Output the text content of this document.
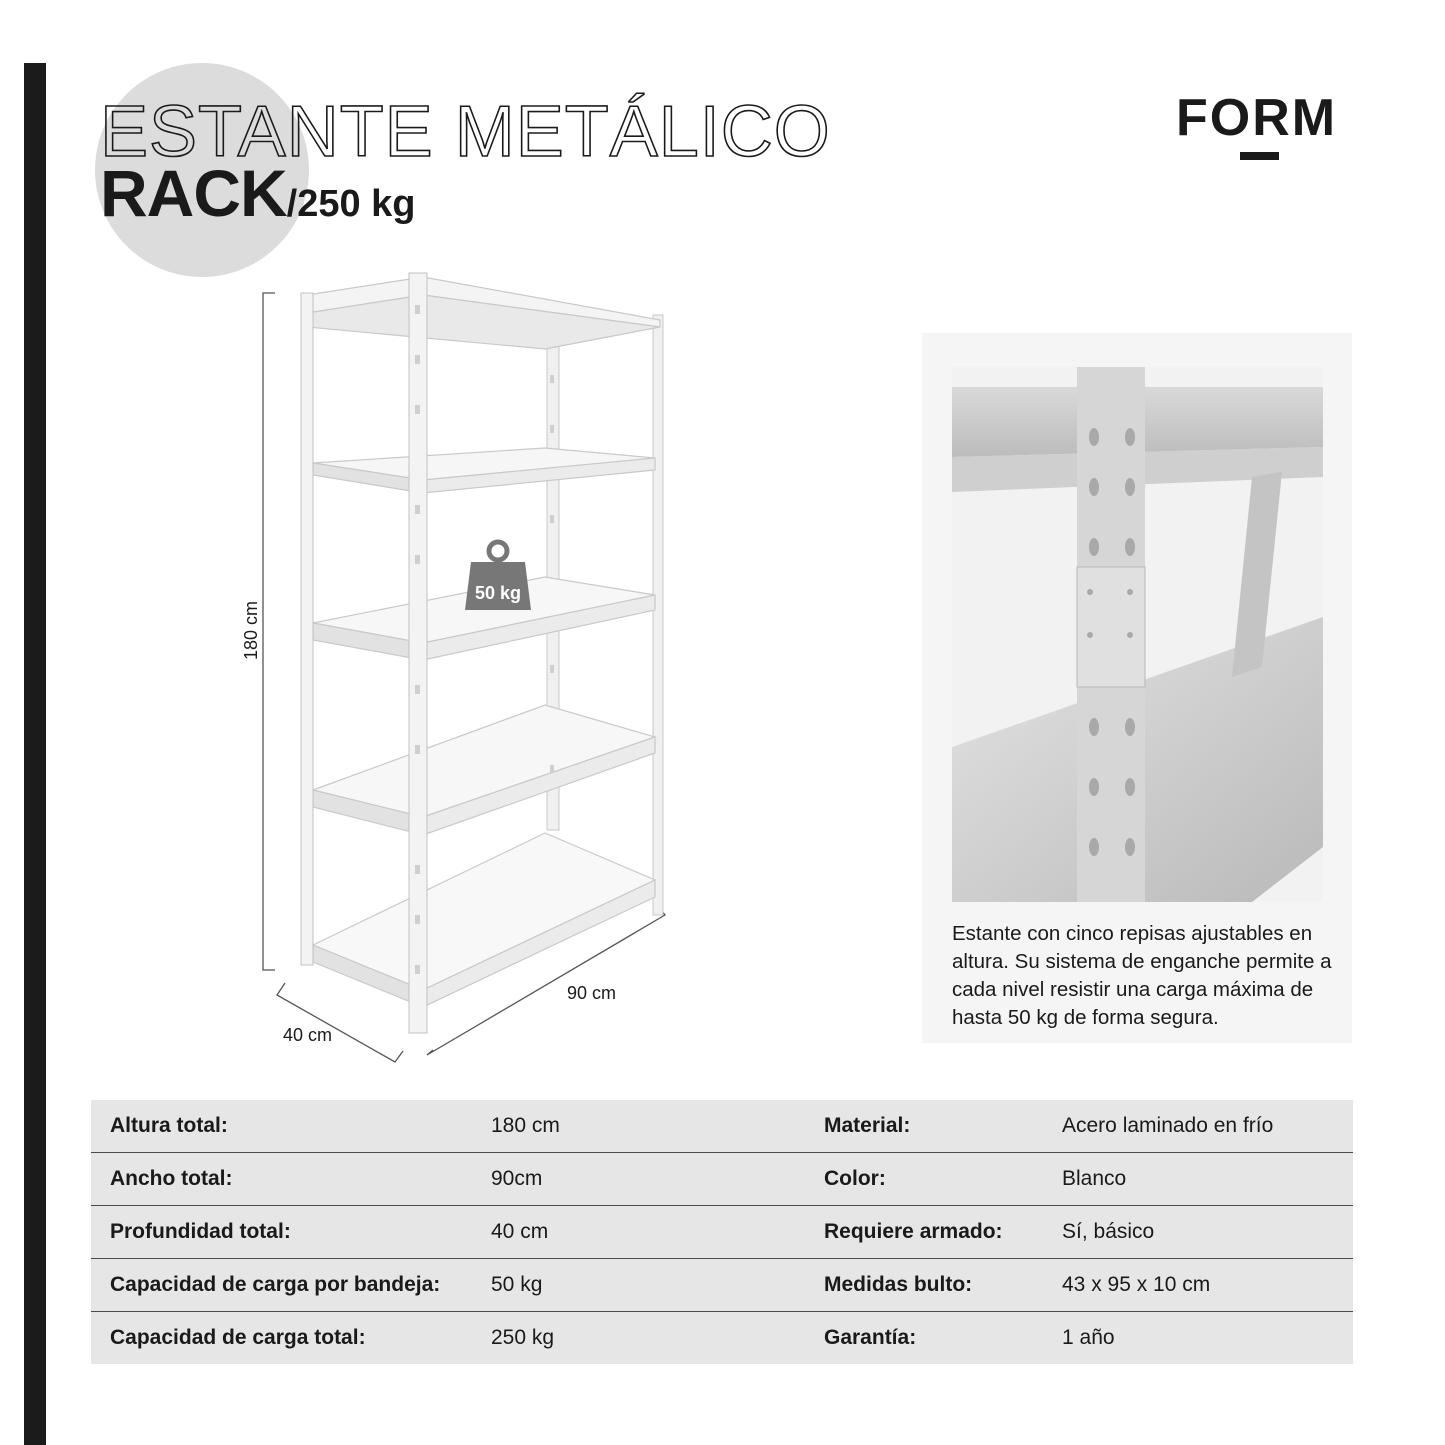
ESTANTE METÁLICO
RACK/250 kg
FORM
50 kg
180 cm
90 cm
40 cm
Estante con cinco repisas ajustables en altura. Su sistema de enganche permite a cada nivel resistir una carga máxima de hasta 50 kg de forma segura.
Altura total:	180 cm	Material:	Acero laminado en frío
Ancho total:	90cm	Color:	Blanco
Profundidad total:	40 cm	Requiere armado:	Sí, básico
Capacidad de carga por bandeja:	50 kg	Medidas bulto:	43 x 95 x 10 cm
Capacidad de carga total:	250 kg	Garantía:	1 año
